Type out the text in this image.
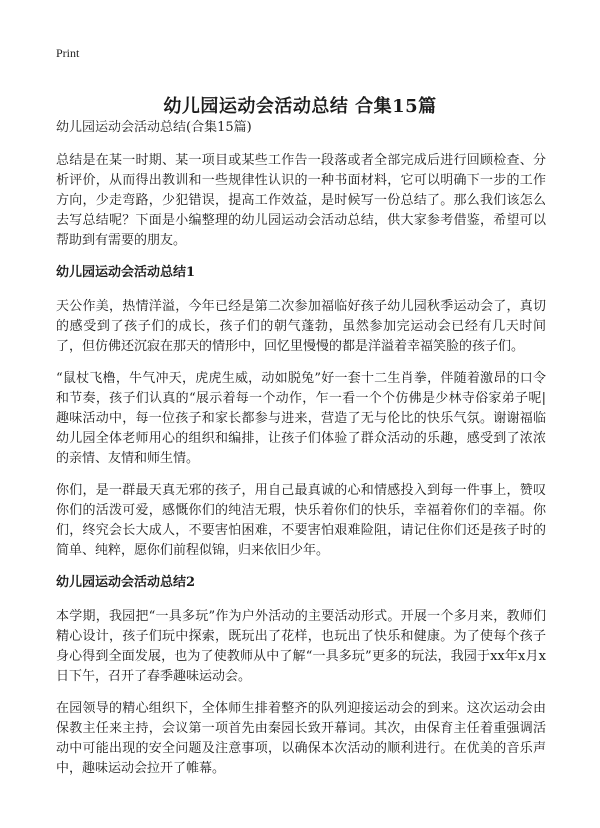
Print
幼儿园运动会活动总结 合集15篇
幼儿园运动会活动总结(合集15篇)

总结是在某一时期、某一项目或某些工作告一段落或者全部完成后进行回顾检查、分析评价，从而得出教训和一些规律性认识的一种书面材料，它可以明确下一步的工作方向，少走弯路，少犯错误，提高工作效益，是时候写一份总结了。那么我们该怎么去写总结呢？下面是小编整理的幼儿园运动会活动总结，供大家参考借鉴，希望可以帮助到有需要的朋友。

幼儿园运动会活动总结1

天公作美，热情洋溢，今年已经是第二次参加福临好孩子幼儿园秋季运动会了，真切的感受到了孩子们的成长，孩子们的朝气蓬勃，虽然参加完运动会已经有几天时间了，但仿佛还沉寂在那天的情形中，回忆里慢慢的都是洋溢着幸福笑脸的孩子们。

“鼠杖飞橹，牛气冲天，虎虎生威，动如脱兔”好一套十二生肖拳，伴随着激昂的口令和节奏，孩子们认真的“展示着每一个动作，乍一看一个个仿佛是少林寺俗家弟子呢|趣味活动中，每一位孩子和家长都参与进来，营造了无与伦比的快乐气氛。谢谢福临幼儿园全体老师用心的组织和编排，让孩子们体验了群众活动的乐趣，感受到了浓浓的亲情、友情和师生情。

你们，是一群最天真无邪的孩子，用自己最真诚的心和情感投入到每一件事上，赞叹你们的活泼可爱，感慨你们的纯洁无瑕，快乐着你们的快乐，幸福着你们的幸福。你们，终究会长大成人，不要害怕困难，不要害怕艰难险阻，请记住你们还是孩子时的简单、纯粹，愿你们前程似锦，归来依旧少年。

幼儿园运动会活动总结2

本学期，我园把“一具多玩”作为户外活动的主要活动形式。开展一个多月来，教师们精心设计，孩子们玩中探索，既玩出了花样，也玩出了快乐和健康。为了使每个孩子身心得到全面发展，也为了使教师从中了解“一具多玩”更多的玩法，我园于xx年x月x日下午，召开了春季趣味运动会。

在园领导的精心组织下，全体师生排着整齐的队列迎接运动会的到来。这次运动会由保教主任来主持，会议第一项首先由秦园长致开幕词。其次，由保育主任着重强调活动中可能出现的安全问题及注意事项，以确保本次活动的顺利进行。在优美的音乐声中，趣味运动会拉开了帷幕。
